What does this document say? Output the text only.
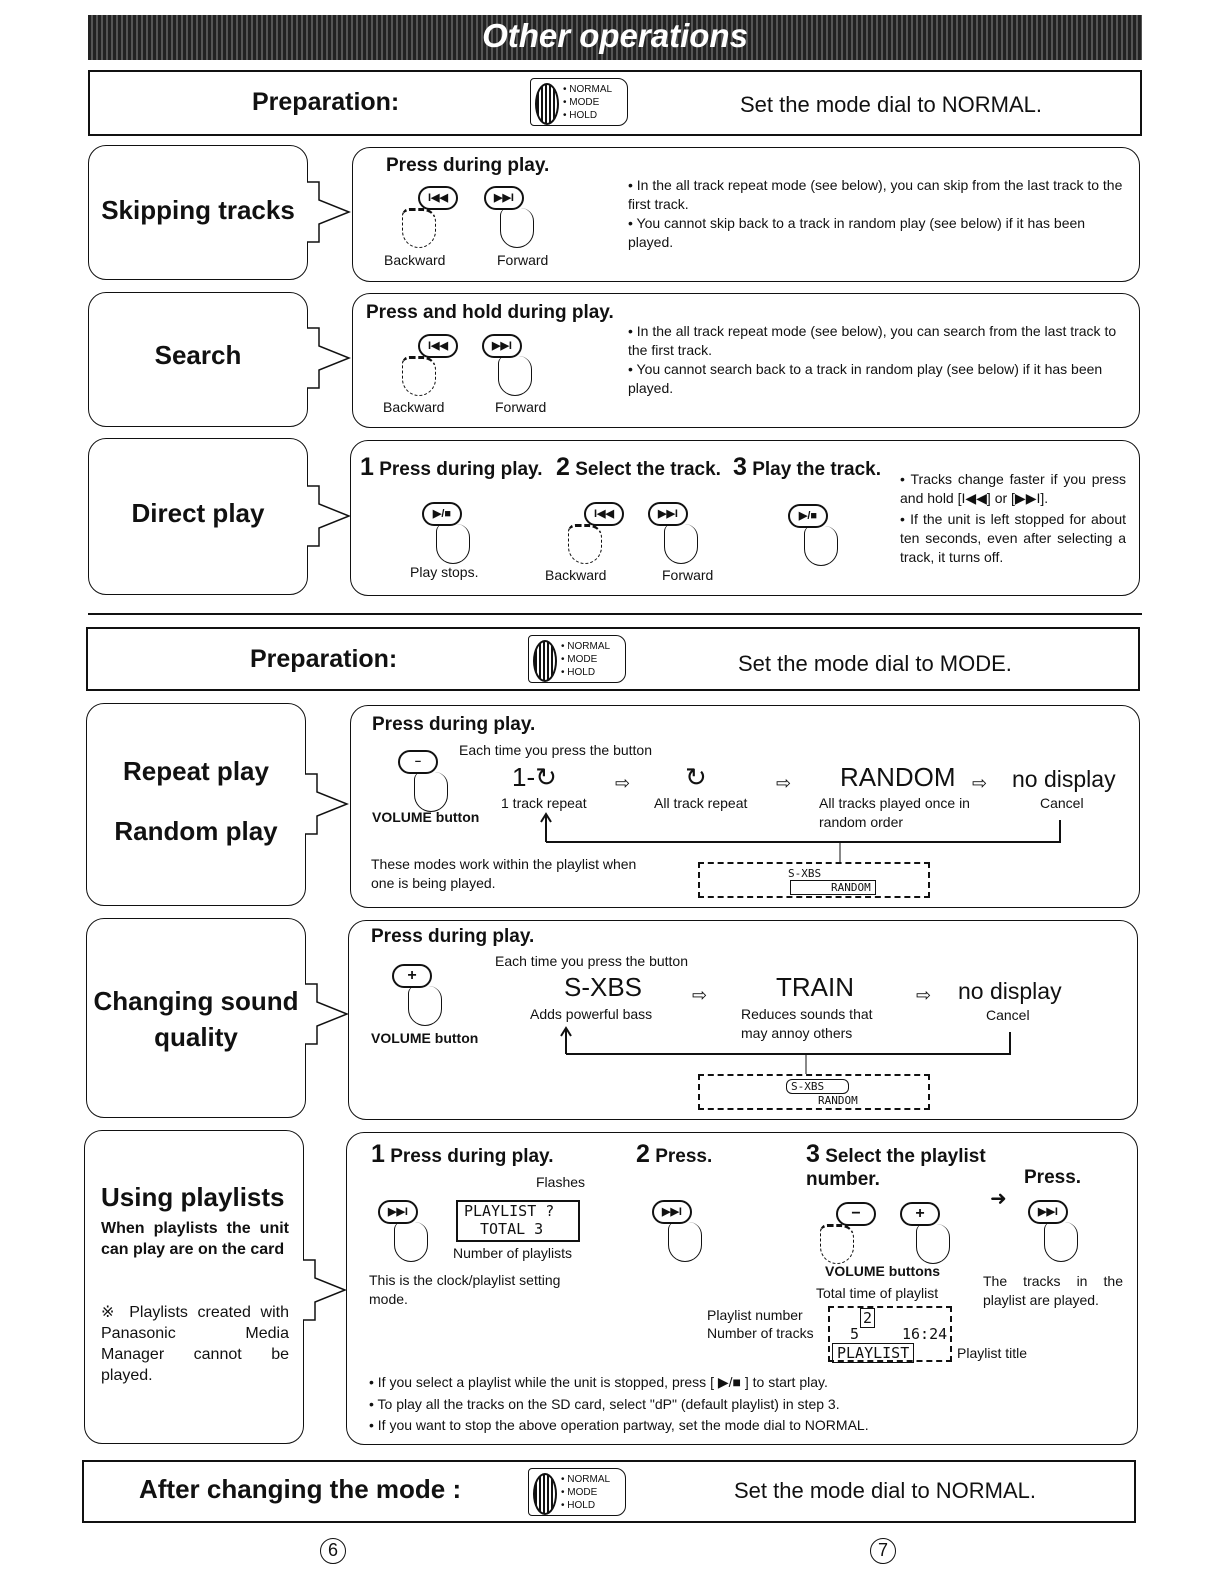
Other operations
Preparation:	• NORMAL
• MODE
• HOLD	Set the mode dial to NORMAL.
Skipping tracks
Press during play.
I◀◀	▶▶I
Backward	Forward
• In the all track repeat mode (see below), you can skip from the last track to the first track.
• You cannot skip back to a track in random play (see below) if it has been played.
Search
Press and hold during play.
I◀◀	▶▶I
Backward	Forward
• In the all track repeat mode (see below), you can search from the last track to the first track.
• You cannot search back to a track in random play (see below) if it has been played.
Direct play
1 Press during play. 2 Select the track. 3 Play the track.
▶/■	I◀◀	▶▶I	▶/■
Play stops.	Backward	Forward
• Tracks change faster if you press and hold [I◀◀] or [▶▶I].
• If the unit is left stopped for about ten seconds, even after selecting a track, it turns off.
Preparation:	• NORMAL
• MODE
• HOLD	Set the mode dial to MODE.
Repeat play
Random play
Press during play.
−
Each time you press the button
VOLUME button
1-↻
1 track repeat
⇨ ↻
All track repeat
⇨ RANDOM
All tracks played once in random order
⇨ no display
Cancel
These modes work within the playlist when one is being played.
S-XBS
RANDOM
Changing sound quality
Press during play.
+
Each time you press the button
VOLUME button
S-XBS
Adds powerful bass
⇨	TRAIN
Reduces sounds that may annoy others
⇨ no display
Cancel
S-XBS
RANDOM
Using playlists
When playlists the unit can play are on the card
※ Playlists created with Panasonic Media Manager cannot be played.
1 Press during play.	2 Press.	3 Select the playlist number.	Press.
Flashes
▶▶I	PLAYLIST ?
TOTAL 3
Number of playlists
This is the clock/playlist setting mode.
▶▶I	−	+
➜
▶▶I
VOLUME buttons
Total time of playlist
The tracks in the playlist are played.
Playlist number
Number of tracks
2
5	16:24
PLAYLIST	Playlist title
• If you select a playlist while the unit is stopped, press [ ▶/■ ] to start play.
• To play all the tracks on the SD card, select "dP" (default playlist) in step 3.
• If you want to stop the above operation partway, set the mode dial to NORMAL.
After changing the mode :	• NORMAL
• MODE
• HOLD
Set the mode dial to NORMAL.
6	7
